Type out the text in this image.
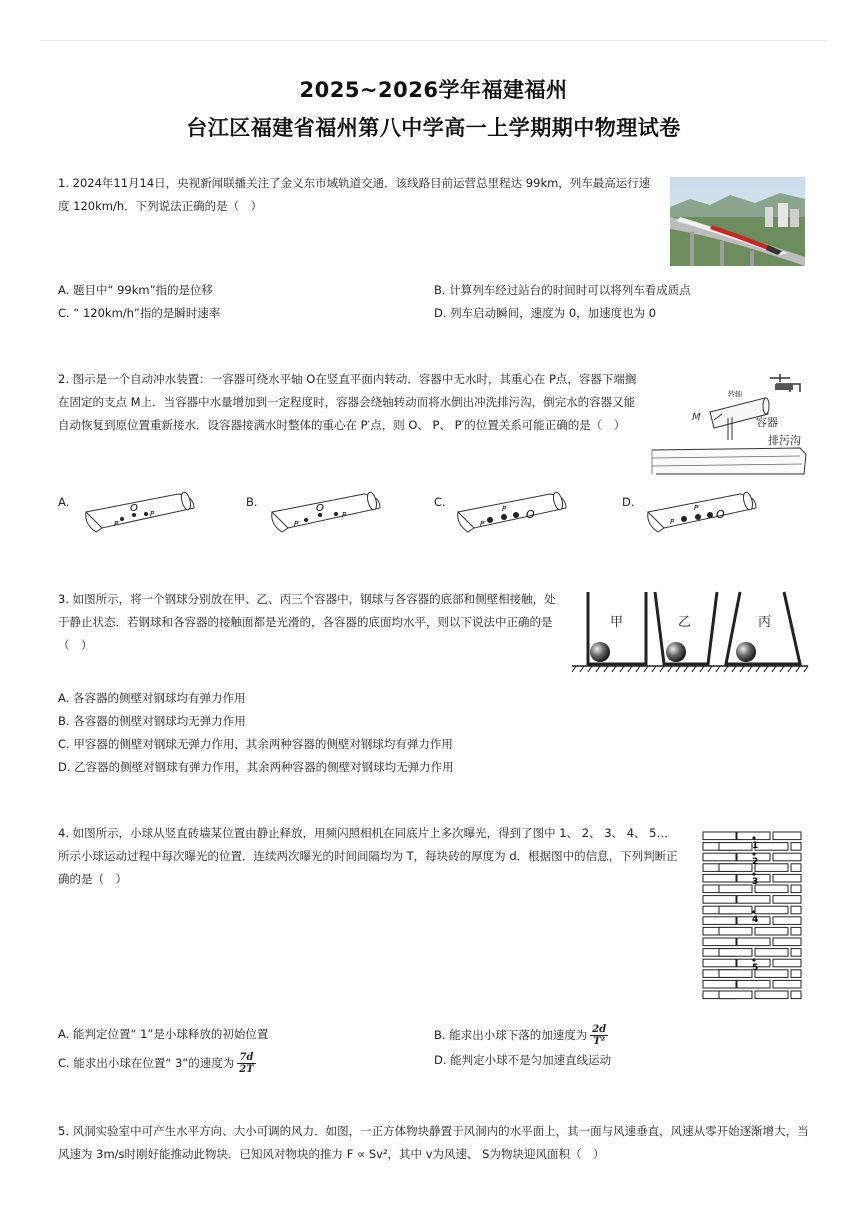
2025~2026学年福建福州
台江区福建省福州第八中学高一上学期期中物理试卷
1. 2024年11月14日，央视新闻联播关注了金义东市域轨道交通．该线路目前运营总里程达 99km，列车最高运行速度 120km/h．下列说法正确的是（　）
A. 题目中“ 99km”指的是位移	B. 计算列车经过站台的时间时可以将列车看成质点
C. “ 120km/h”指的是瞬时速率	D. 列车启动瞬间，速度为 0，加速度也为 0
2. 图示是一个自动冲水装置：一容器可绕水平轴 O在竖直平面内转动．容器中无水时，其重心在 P点，容器下端搁在固定的支点 M上．当容器中水量增加到一定程度时，容器会绕轴转动而将水倒出冲洗排污沟，倒完水的容器又能自动恢复到原位置重新接水．设容器接满水时整体的重心在 P′点，则 O、 P、 P′的位置关系可能正确的是（　）
转轴
M	容器
排污沟
A.
P′
O P
B.
P′
O
P
C.
P′
P O
D.
P
P′ O
3. 如图所示，将一个钢球分别放在甲、乙、丙三个容器中，钢球与各容器的底部和侧壁相接触，处于静止状态．若钢球和各容器的接触面都是光滑的，各容器的底面均水平，则以下说法中正确的是（　）
甲	乙	丙
A. 各容器的侧壁对钢球均有弹力作用
B. 各容器的侧壁对钢球均无弹力作用
C. 甲容器的侧壁对钢球无弹力作用，其余两种容器的侧壁对钢球均有弹力作用
D. 乙容器的侧壁对钢球有弹力作用，其余两种容器的侧壁对钢球均无弹力作用
4. 如图所示，小球从竖直砖墙某位置由静止释放，用频闪照相机在同底片上多次曝光，得到了图中 1、 2、 3、 4、 5…所示小球运动过程中每次曝光的位置．连续两次曝光的时间间隔均为 T，每块砖的厚度为 d．根据图中的信息，下列判断正确的是（　）
1
2
3
4
5
A. 能判定位置“ 1”是小球释放的初始位置	B. 能求出小球下落的加速度为 $\frac{2d}{\text{T²}}$
C. 能求出小球在位置“ 3”的速度为 $\frac{7d}{2T}$	D. 能判定小球不是匀加速直线运动
5. 风洞实验室中可产生水平方向、大小可调的风力．如图，一正方体物块静置于风洞内的水平面上，其一面与风速垂直，风速从零开始逐渐增大，当风速为 3m/s时刚好能推动此物块．已知风对物块的推力 F ∝ Sv²，其中 v为风速、 S为物块迎风面积（　）
